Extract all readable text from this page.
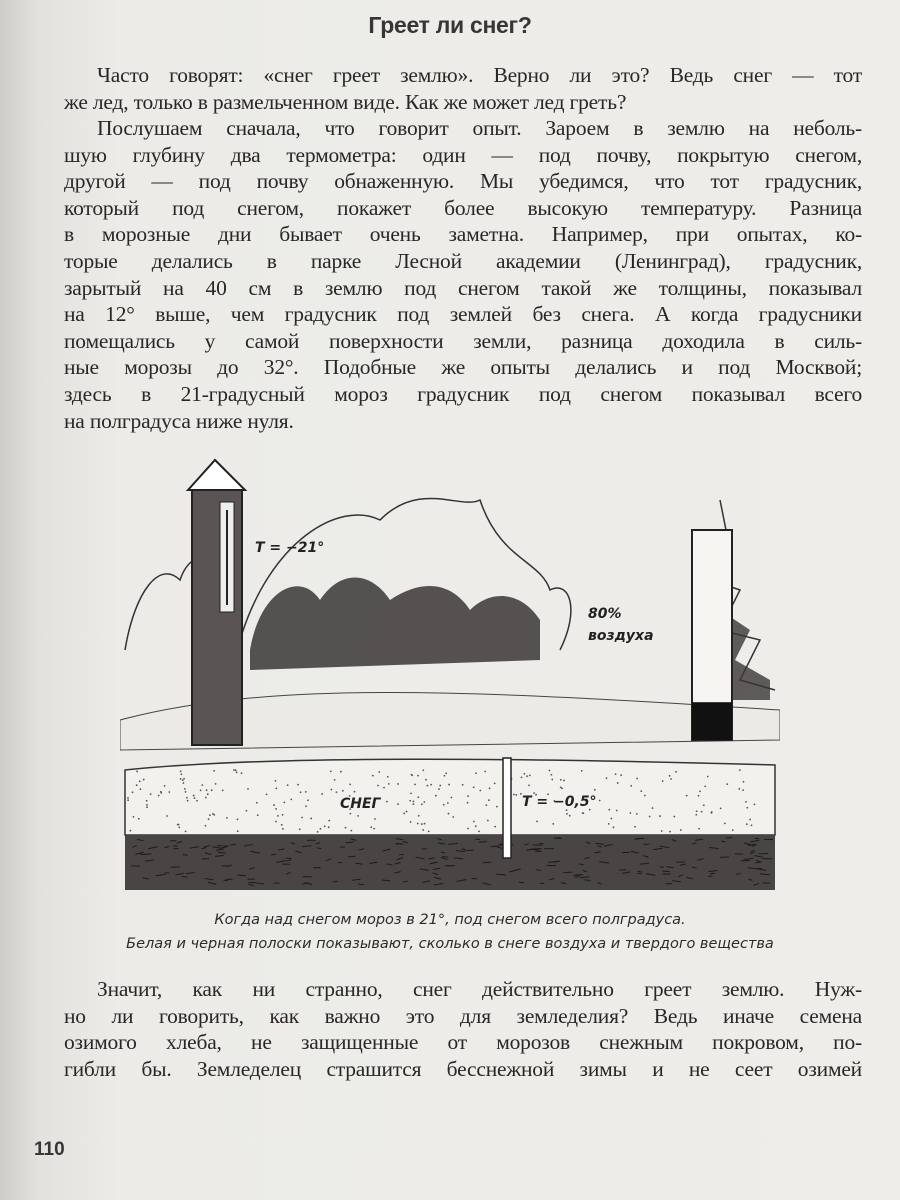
Греет ли снег?
Часто говорят: «снег греет землю». Верно ли это? Ведь снег — тот
же лед, только в размельченном виде. Как же может лед греть?
Послушаем сначала, что говорит опыт. Зароем в землю на неболь-
шую глубину два термометра: один — под почву, покрытую снегом,
другой — под почву обнаженную. Мы убедимся, что тот градусник,
который под снегом, покажет более высокую температуру. Разница
в морозные дни бывает очень заметна. Например, при опытах, ко-
торые делались в парке Лесной академии (Ленинград), градусник,
зарытый на 40 см в землю под снегом такой же толщины, показывал
на 12° выше, чем градусник под землей без снега. А когда градусники
помещались у самой поверхности земли, разница доходила в силь-
ные морозы до 32°. Подобные же опыты делались и под Москвой;
здесь в 21-градусный мороз градусник под снегом показывал всего
на полградуса ниже нуля.
T = −21°
80%
воздуха
СНЕГ	T = −0,5°
Когда над снегом мороз в 21°, под снегом всего полградуса.
Белая и черная полоски показывают, сколько в снеге воздуха и твердого вещества
Значит, как ни странно, снег действительно греет землю. Нуж-
но ли говорить, как важно это для земледелия? Ведь иначе семена
озимого хлеба, не защищенные от морозов снежным покровом, по-
гибли бы. Земледелец страшится бесснежной зимы и не сеет озимей
110
